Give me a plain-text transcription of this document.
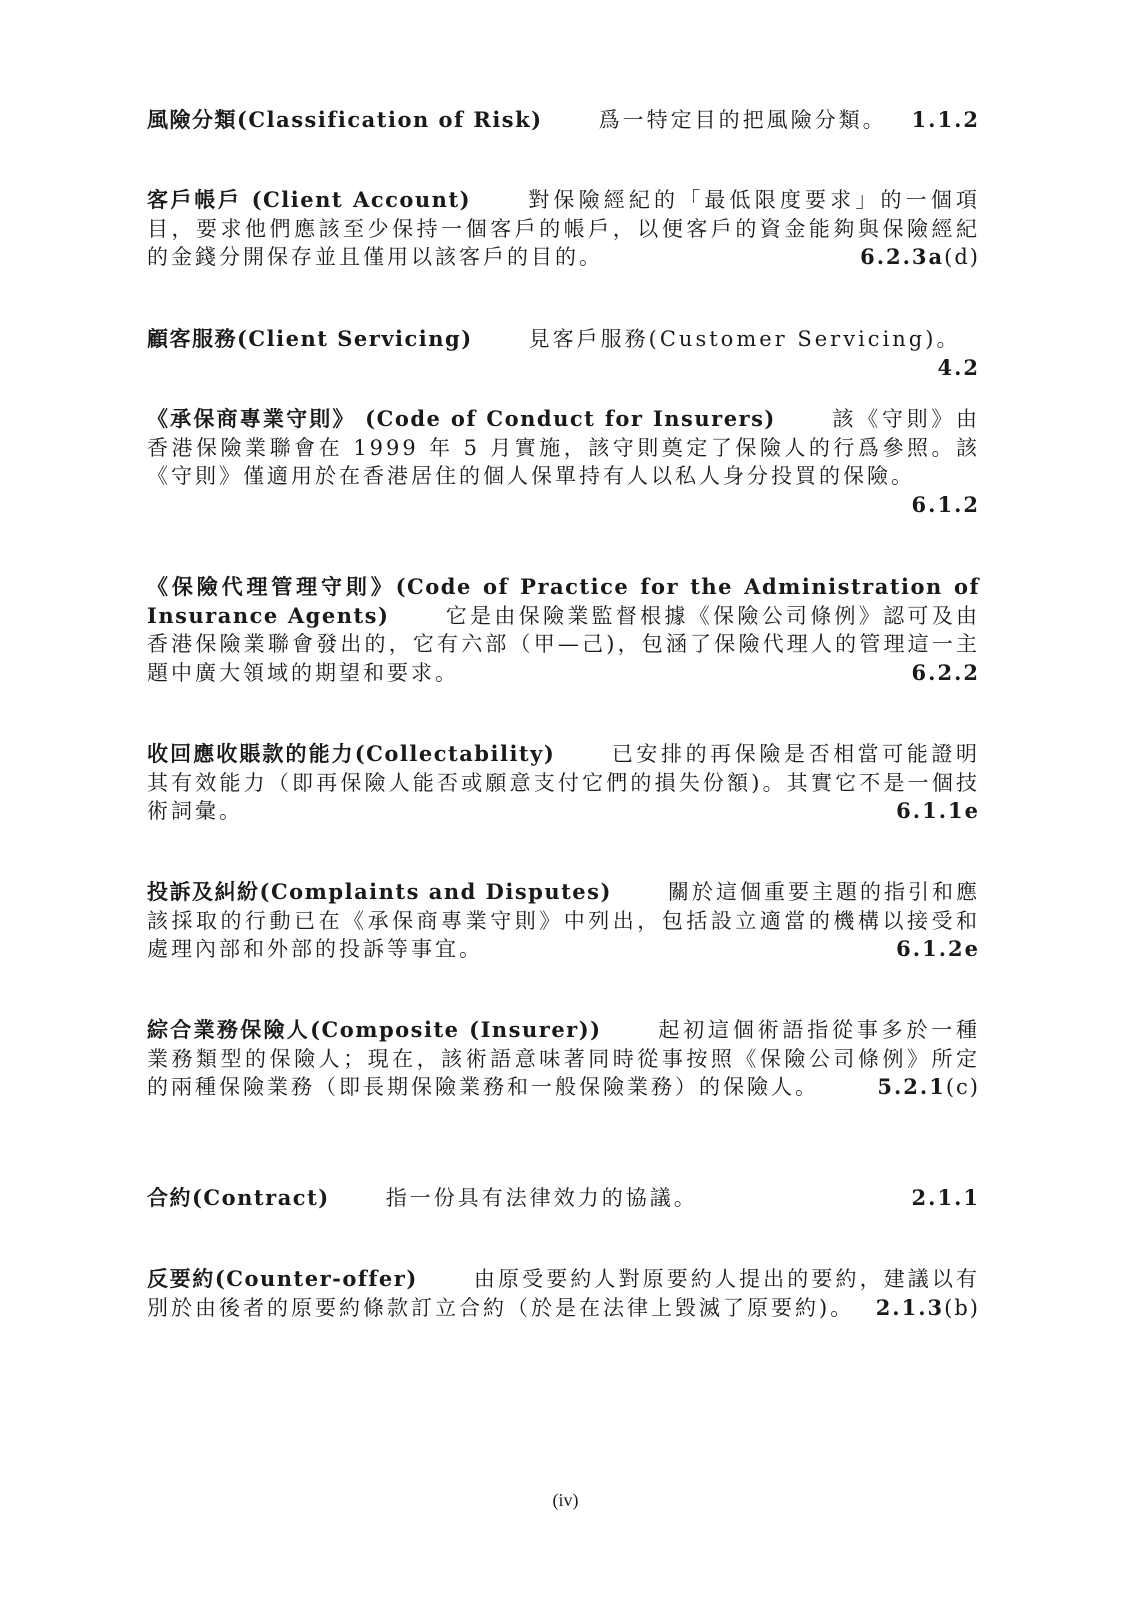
風險分類(Classification of Risk)	爲一特定目的把風險分類。 1.1.2
客戶帳戶 (Client Account)	對保險經紀的「最低限度要求」的一個項目，要求他們應該至少保持一個客戶的帳戶，以便客戶的資金能夠與保險經紀的金錢分開保存並且僅用以該客戶的目的。	6.2.3a(d)
顧客服務(Client Servicing)	見客戶服務(Customer Servicing)。
4.2
《承保商專業守則》 (Code of Conduct for Insurers)	該《守則》由香港保險業聯會在 1999 年 5 月實施，該守則奠定了保險人的行爲參照。該《守則》僅適用於在香港居住的個人保單持有人以私人身分投買的保險。
6.1.2
《保險代理管理守則》(Code of Practice for the Administration of Insurance Agents)	它是由保險業監督根據《保險公司條例》認可及由香港保險業聯會發出的，它有六部（甲—己)，包涵了保險代理人的管理這一主題中廣大領域的期望和要求。	6.2.2
收回應收賬款的能力(Collectability)	已安排的再保險是否相當可能證明其有效能力（即再保險人能否或願意支付它們的損失份額)。其實它不是一個技術詞彙。	6.1.1e
投訴及糾紛(Complaints and Disputes)	關於這個重要主題的指引和應該採取的行動已在《承保商專業守則》中列出，包括設立適當的機構以接受和處理內部和外部的投訴等事宜。	6.1.2e
綜合業務保險人(Composite (Insurer))	起初這個術語指從事多於一種業務類型的保險人；現在，該術語意味著同時從事按照《保險公司條例》所定的兩種保險業務（即長期保險業務和一般保險業務）的保險人。	5.2.1(c)
合約(Contract)	指一份具有法律效力的協議。	2.1.1
反要約(Counter-offer)	由原受要約人對原要約人提出的要約，建議以有別於由後者的原要約條款訂立合約（於是在法律上毀滅了原要約)。 2.1.3(b)
(iv)
